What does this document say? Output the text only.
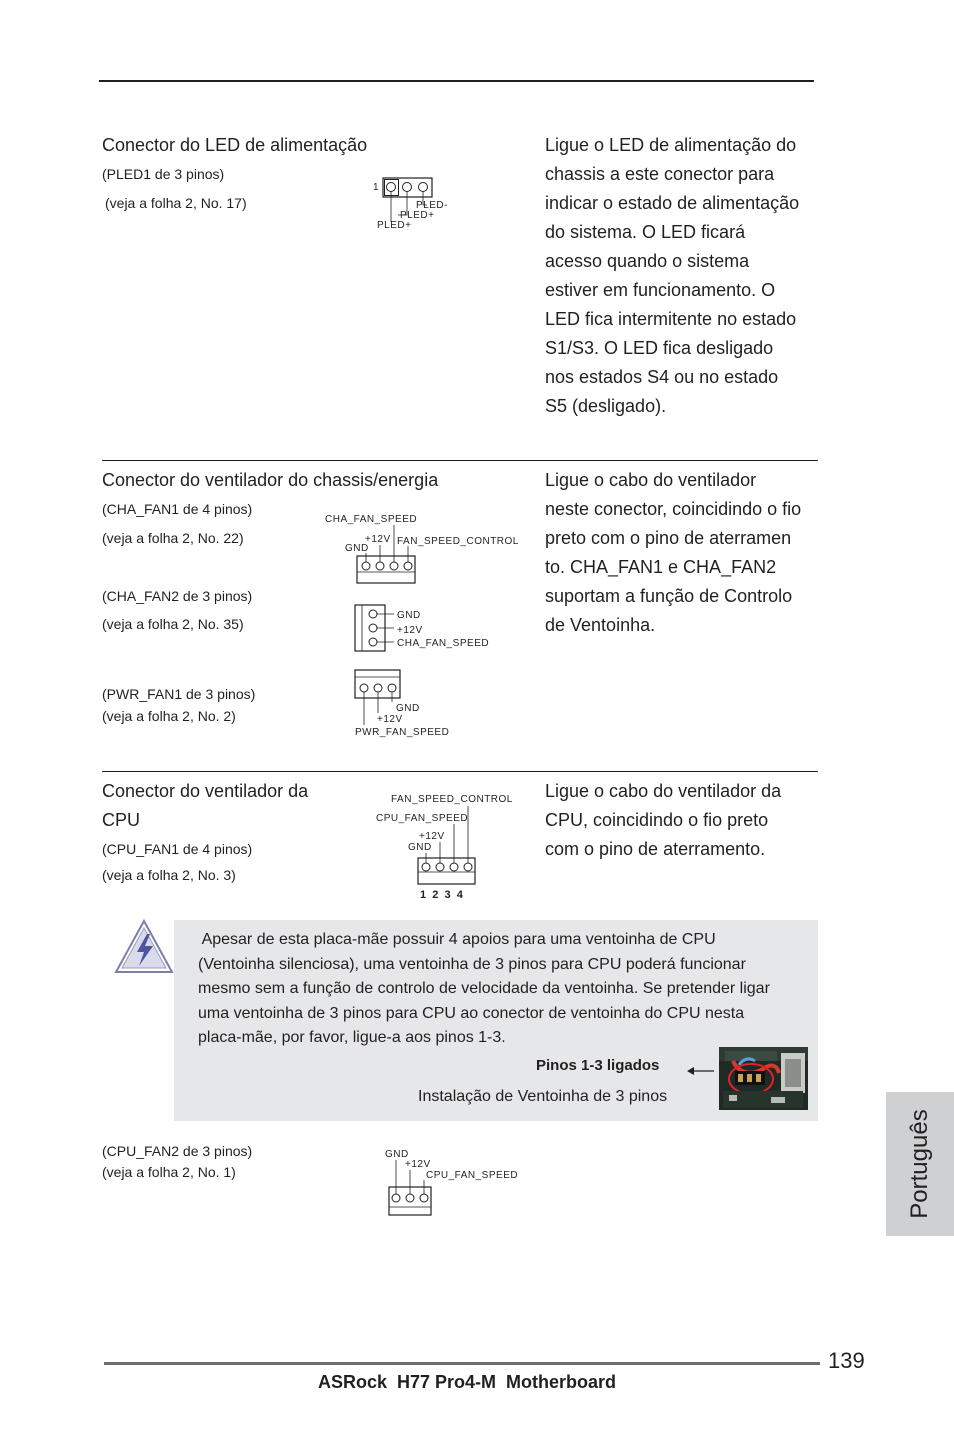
Conector do LED de alimentação
(PLED1 de 3 pinos)
(veja a folha 2, No. 17)
1
PLED-
PLED+
PLED+
Ligue o LED de alimentação do
chassis a este conector para
indicar o estado de alimentação
do sistema. O LED ficará
acesso quando o sistema
estiver em funcionamento. O
LED fica intermitente no estado
S1/S3. O LED fica desligado
nos estados S4 ou no estado
S5 (desligado).
Conector do ventilador do chassis/energia
(CHA_FAN1 de 4 pinos)
(veja a folha 2, No. 22)
(CHA_FAN2 de 3 pinos)
(veja a folha 2, No. 35)
(PWR_FAN1 de 3 pinos)
(veja a folha 2, No. 2)
CHA_FAN_SPEED
+12V
GND
FAN_SPEED_CONTROL
GND
+12V
CHA_FAN_SPEED
GND
+12V
PWR_FAN_SPEED
Ligue o cabo do ventilador
neste conector, coincidindo o fio
preto com o pino de aterramen
to. CHA_FAN1 e CHA_FAN2
suportam a função de Controlo
de Ventoinha.
Conector do ventilador da
CPU
(CPU_FAN1 de 4 pinos)
(veja a folha 2, No. 3)
FAN_SPEED_CONTROL
CPU_FAN_SPEED
+12V
GND
1  2  3  4
Ligue o cabo do ventilador da
CPU, coincidindo o fio preto
com o pino de aterramento.
Apesar de esta placa-mãe possuir 4 apoios para uma ventoinha de CPU
(Ventoinha silenciosa), uma ventoinha de 3 pinos para CPU poderá funcionar
mesmo sem a função de controlo de velocidade da ventoinha. Se pretender ligar
uma ventoinha de 3 pinos para CPU ao conector de ventoinha do CPU nesta
placa-mãe, por favor, ligue-a aos pinos 1-3.
Pinos 1-3 ligados
Instalação de Ventoinha de 3 pinos
(CPU_FAN2 de 3 pinos)
(veja a folha 2, No. 1)
GND
+12V
CPU_FAN_SPEED	Português
139
ASRock  H77 Pro4-M  Motherboard
